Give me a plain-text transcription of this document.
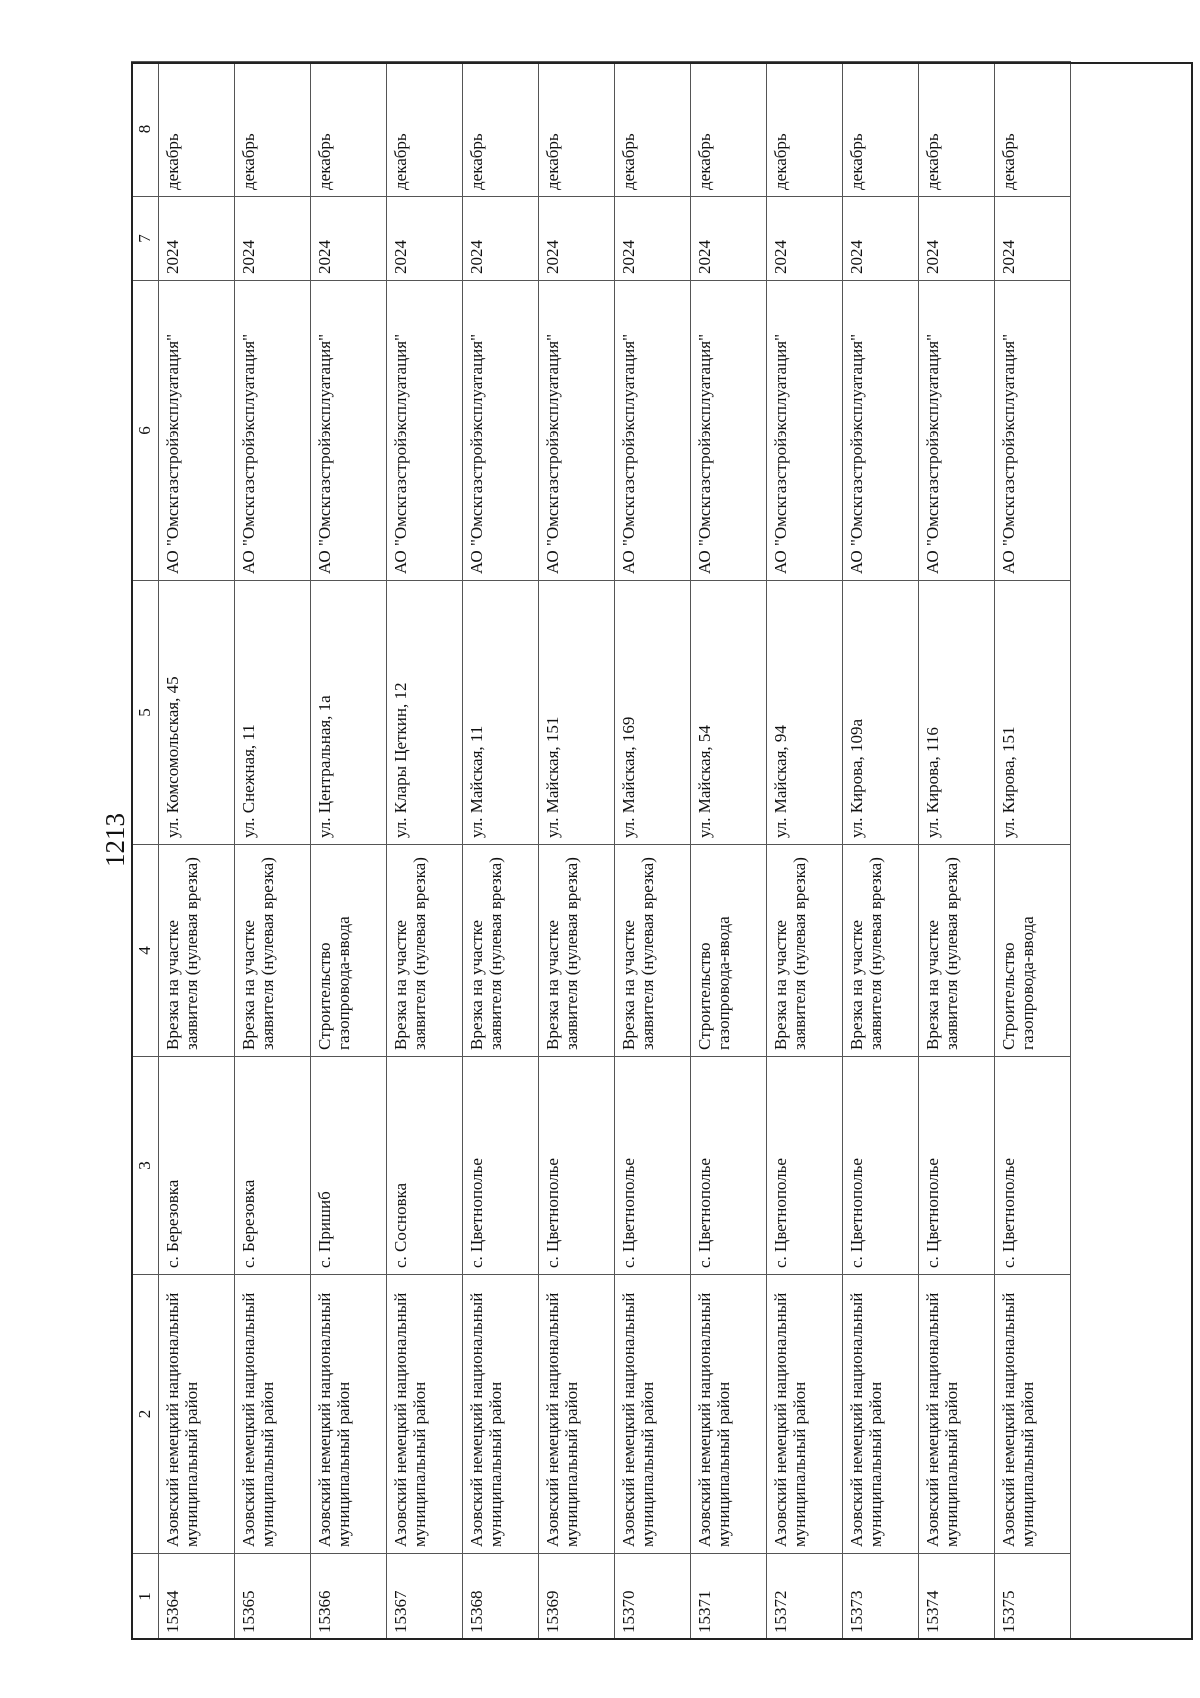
1213
1	2	3	4	5	6	7	8
15364	Азовский немецкий национальный муниципальный район	с. Березовка	Врезка на участке заявителя (нулевая врезка)	ул. Комсомольская, 45	АО "Омскгазстройэксплуатация"	2024	декабрь
15365	Азовский немецкий национальный муниципальный район	с. Березовка	Врезка на участке заявителя (нулевая врезка)	ул. Снежная, 11	АО "Омскгазстройэксплуатация"	2024	декабрь
15366	Азовский немецкий национальный муниципальный район	с. Пришиб	Строительство газопровода-ввода	ул. Центральная, 1а	АО "Омскгазстройэксплуатация"	2024	декабрь
15367	Азовский немецкий национальный муниципальный район	с. Сосновка	Врезка на участке заявителя (нулевая врезка)	ул. Клары Цеткин, 12	АО "Омскгазстройэксплуатация"	2024	декабрь
15368	Азовский немецкий национальный муниципальный район	с. Цветнополье	Врезка на участке заявителя (нулевая врезка)	ул. Майская, 11	АО "Омскгазстройэксплуатация"	2024	декабрь
15369	Азовский немецкий национальный муниципальный район	с. Цветнополье	Врезка на участке заявителя (нулевая врезка)	ул. Майская, 151	АО "Омскгазстройэксплуатация"	2024	декабрь
15370	Азовский немецкий национальный муниципальный район	с. Цветнополье	Врезка на участке заявителя (нулевая врезка)	ул. Майская, 169	АО "Омскгазстройэксплуатация"	2024	декабрь
15371	Азовский немецкий национальный муниципальный район	с. Цветнополье	Строительство газопровода-ввода	ул. Майская, 54	АО "Омскгазстройэксплуатация"	2024	декабрь
15372	Азовский немецкий национальный муниципальный район	с. Цветнополье	Врезка на участке заявителя (нулевая врезка)	ул. Майская, 94	АО "Омскгазстройэксплуатация"	2024	декабрь
15373	Азовский немецкий национальный муниципальный район	с. Цветнополье	Врезка на участке заявителя (нулевая врезка)	ул. Кирова, 109а	АО "Омскгазстройэксплуатация"	2024	декабрь
15374	Азовский немецкий национальный муниципальный район	с. Цветнополье	Врезка на участке заявителя (нулевая врезка)	ул. Кирова, 116	АО "Омскгазстройэксплуатация"	2024	декабрь
15375	Азовский немецкий национальный муниципальный район	с. Цветнополье	Строительство газопровода-ввода	ул. Кирова, 151	АО "Омскгазстройэксплуатация"	2024	декабрь
